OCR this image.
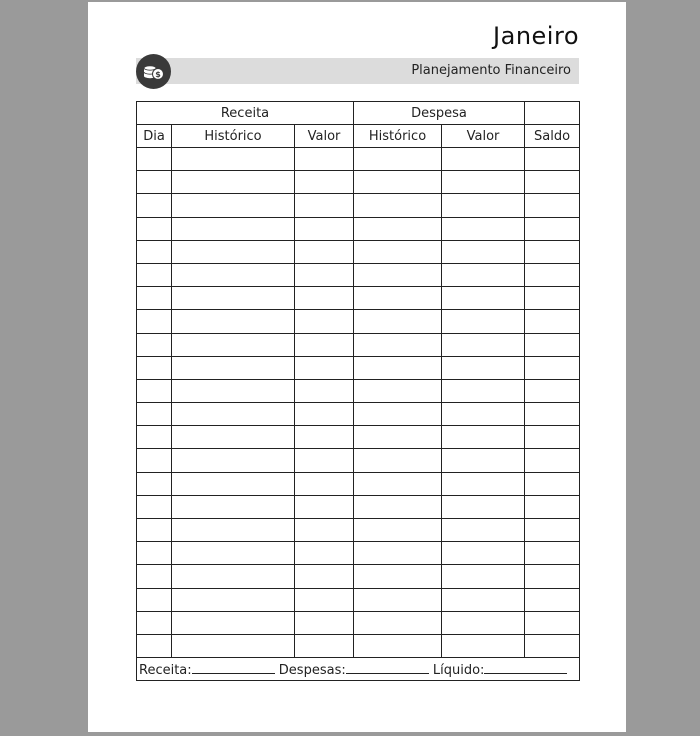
Janeiro
Planejamento Financeiro
$
Receita			Despesa		
Dia	Histórico	Valor	Histórico	Valor	Saldo

Receita: Despesas: Líquido:					
